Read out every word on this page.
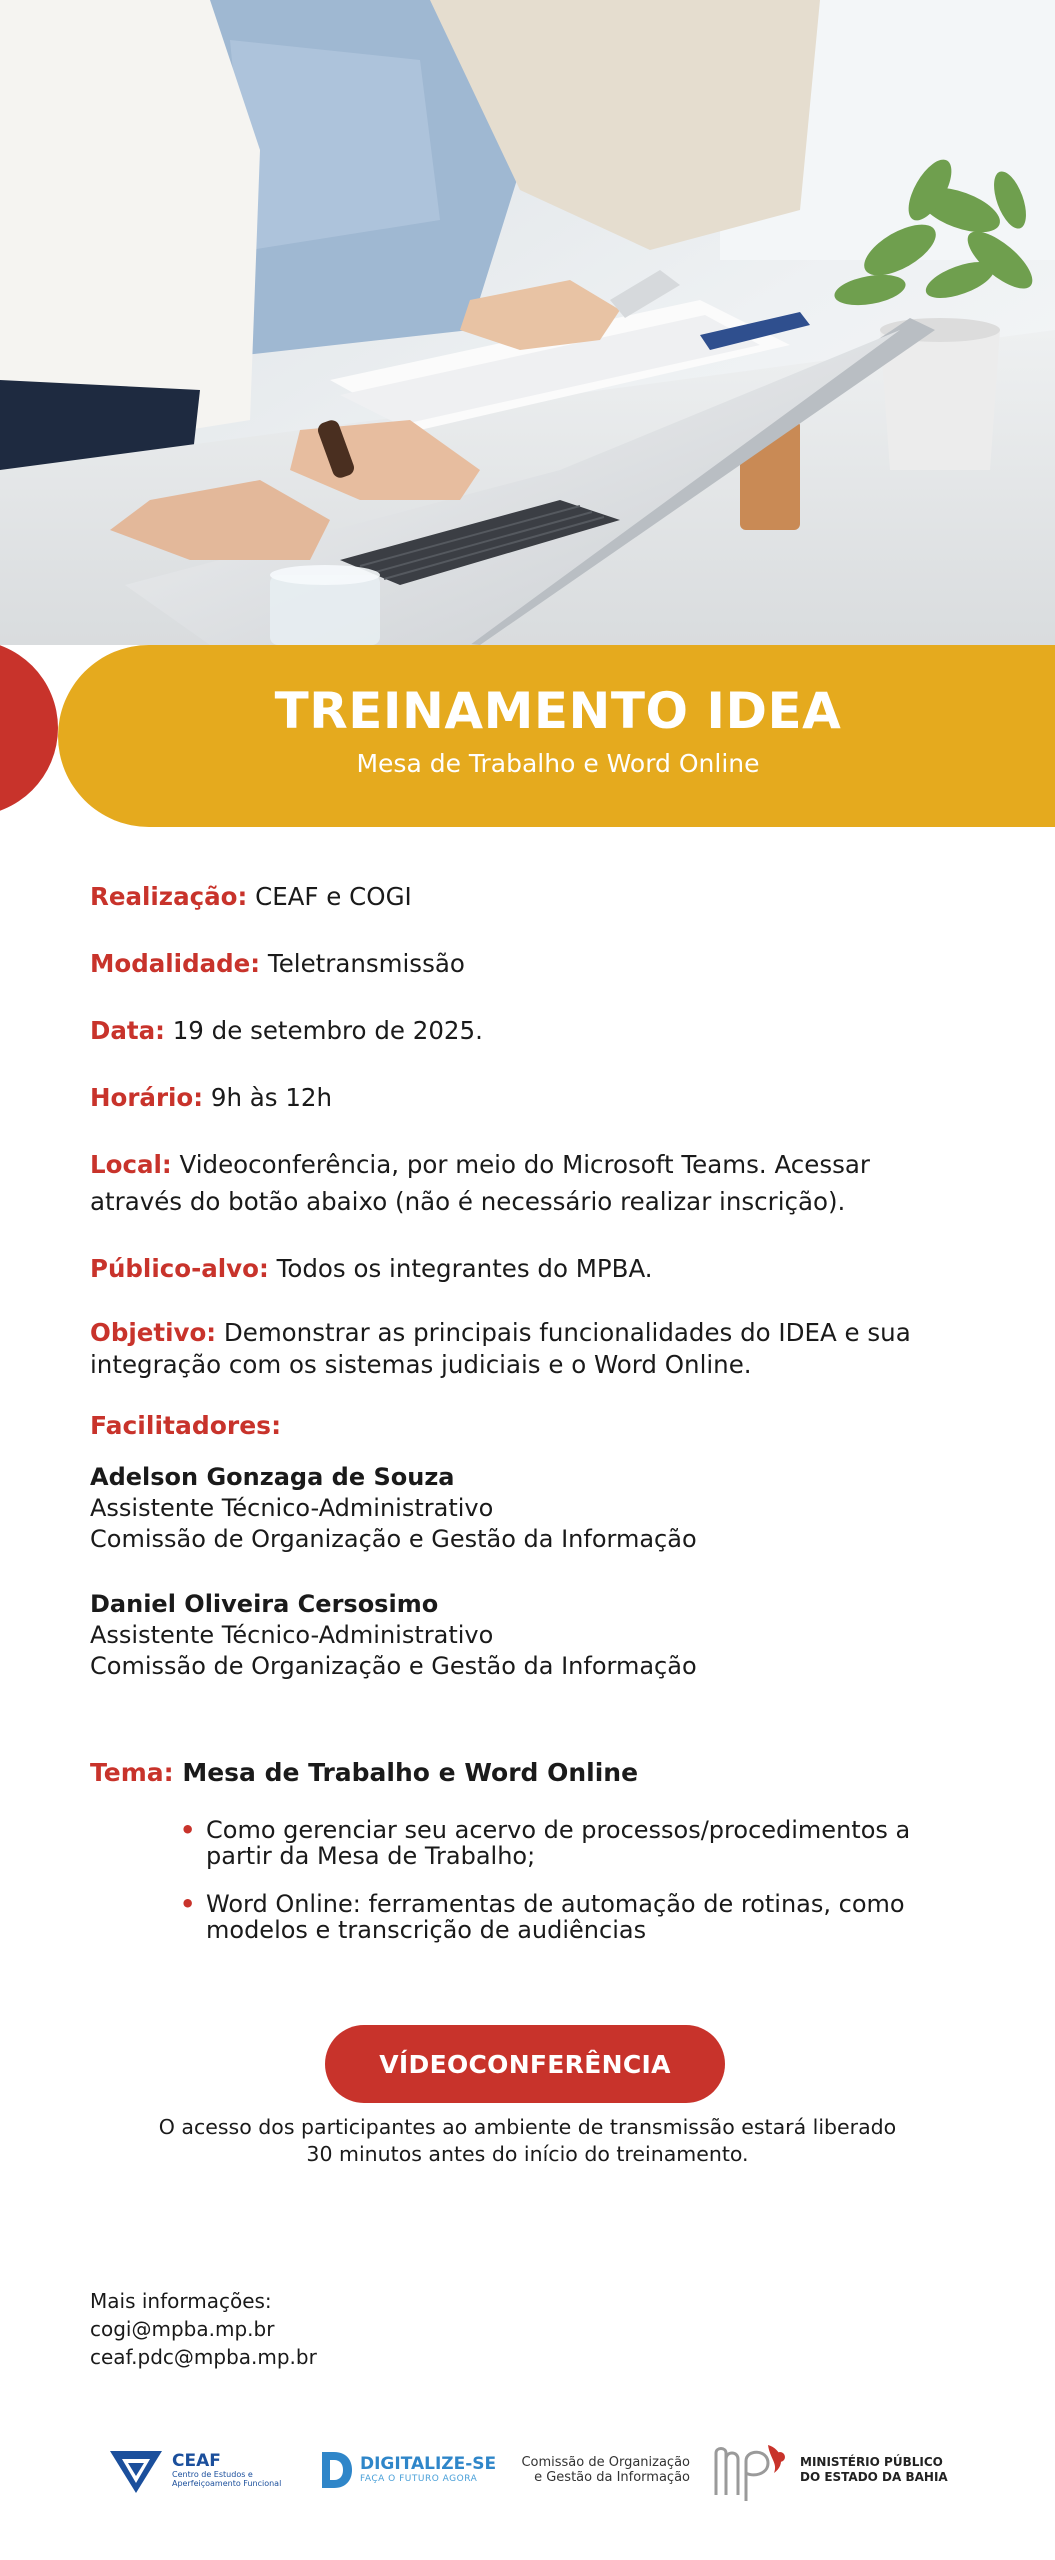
TREINAMENTO IDEA
Mesa de Trabalho e Word Online

Realização: CEAF e COGI

Modalidade: Teletransmissão

Data: 19 de setembro de 2025.

Horário: 9h às 12h

Local: Videoconferência, por meio do Microsoft Teams. Acessar através do botão abaixo (não é necessário realizar inscrição).

Público-alvo: Todos os integrantes do MPBA.

Objetivo: Demonstrar as principais funcionalidades do IDEA e sua integração com os sistemas judiciais e o Word Online.

Facilitadores:
Adelson Gonzaga de Souza
Assistente Técnico-Administrativo
Comissão de Organização e Gestão da Informação
Daniel Oliveira Cersosimo
Assistente Técnico-Administrativo
Comissão de Organização e Gestão da Informação

Tema: Mesa de Trabalho e Word Online

• Como gerenciar seu acervo de processos/procedimentos a partir da Mesa de Trabalho;
• Word Online: ferramentas de automação de rotinas, como modelos e transcrição de audiências
VÍDEOCONFERÊNCIA
O acesso dos participantes ao ambiente de transmissão estará liberado 30 minutos antes do início do treinamento.
Mais informações:
cogi@mpba.mp.br
ceaf.pdc@mpba.mp.br
CEAF
Centro de Estudos e Aperfeiçoamento Funcional
DIGITALIZE-SE
FAÇA O FUTURO AGORA
Comissão de Organização
e Gestão da Informação
MINISTÉRIO PÚBLICO
DO ESTADO DA BAHIA
